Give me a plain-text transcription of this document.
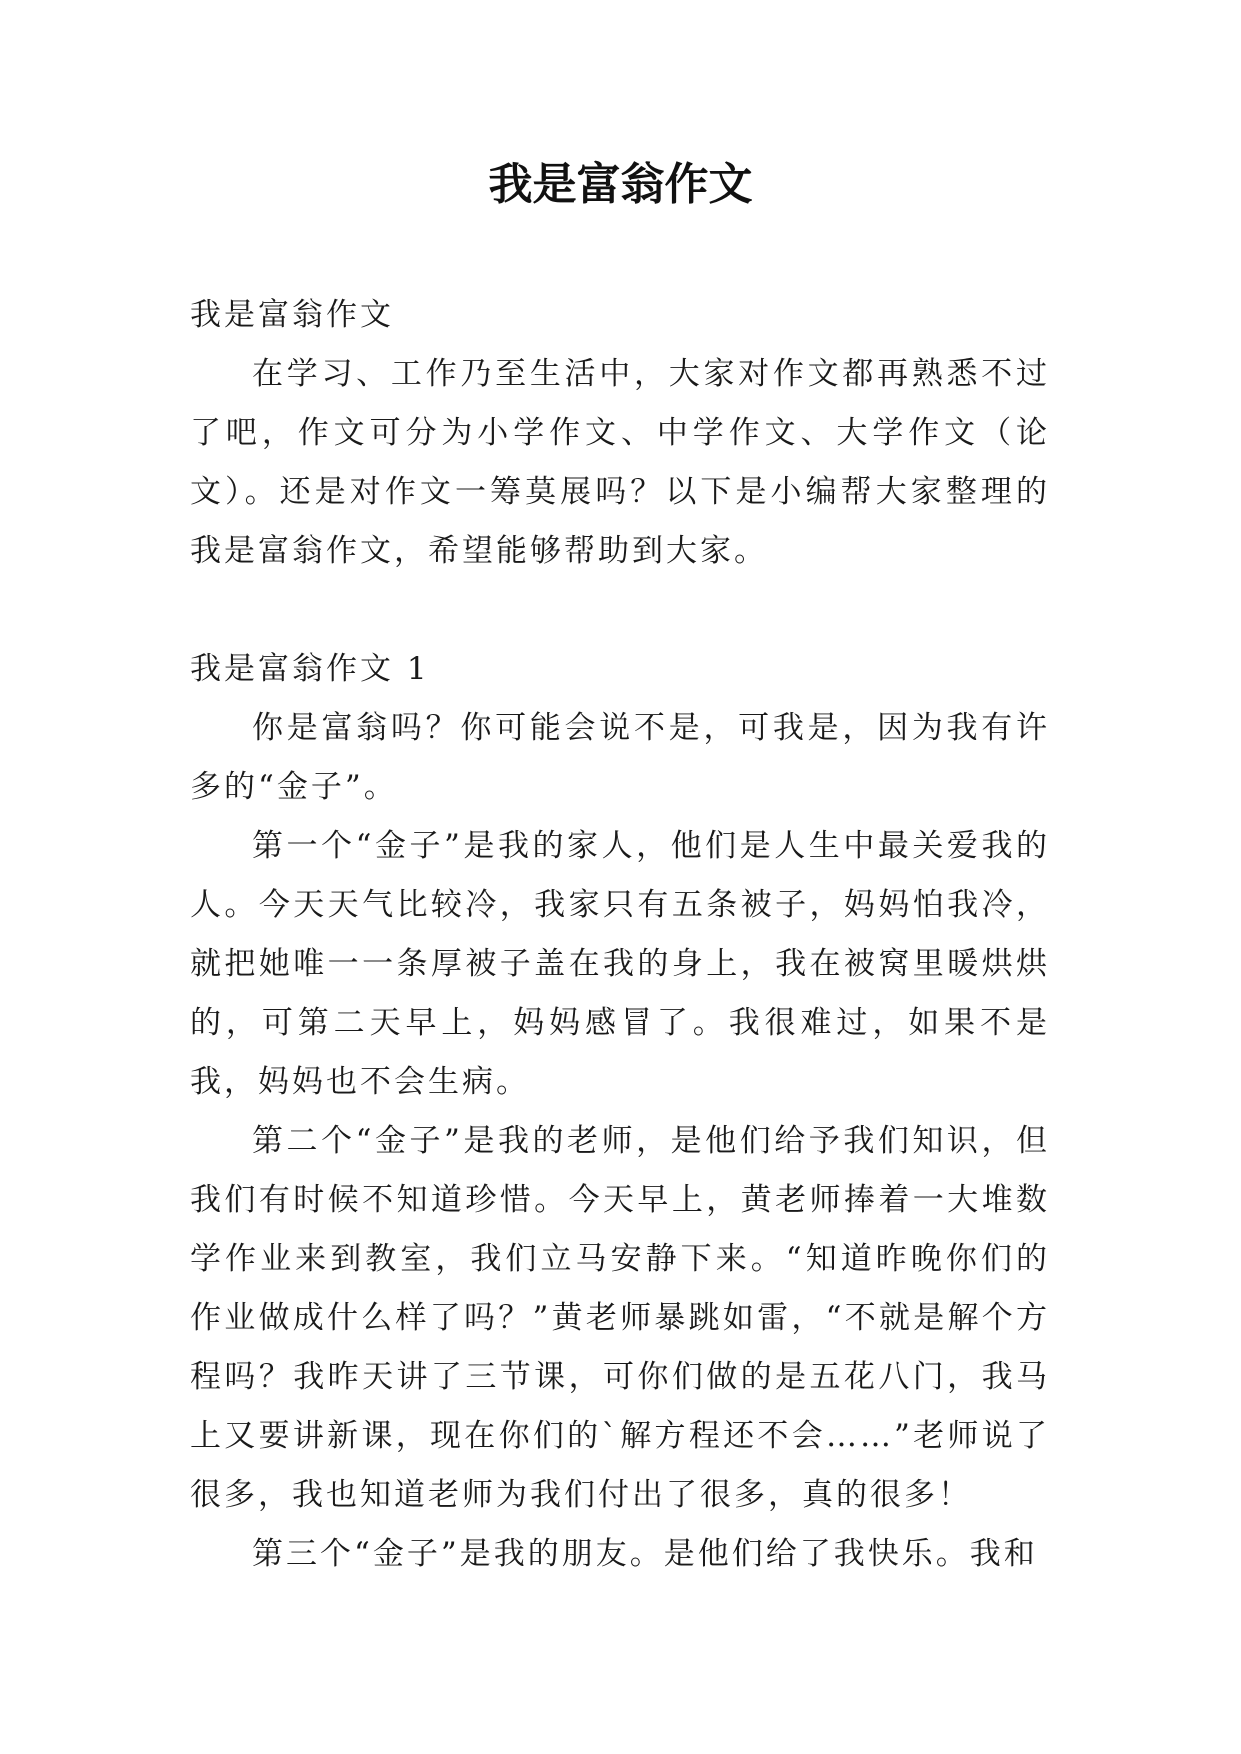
我是富翁作文

我是富翁作文

在学习、工作乃至生活中，大家对作文都再熟悉不过了吧，作文可分为小学作文、中学作文、大学作文（论文）。还是对作文一筹莫展吗？以下是小编帮大家整理的我是富翁作文，希望能够帮助到大家。

我是富翁作文 1

你是富翁吗？你可能会说不是，可我是，因为我有许多的“金子”。

第一个“金子”是我的家人，他们是人生中最关爱我的人。今天天气比较冷，我家只有五条被子，妈妈怕我冷，就把她唯一一条厚被子盖在我的身上，我在被窝里暖烘烘的，可第二天早上，妈妈感冒了。我很难过，如果不是我，妈妈也不会生病。

第二个“金子”是我的老师，是他们给予我们知识，但我们有时候不知道珍惜。今天早上，黄老师捧着一大堆数学作业来到教室，我们立马安静下来。“知道昨晚你们的作业做成什么样了吗？”黄老师暴跳如雷，“不就是解个方程吗？我昨天讲了三节课，可你们做的是五花八门，我马上又要讲新课，现在你们的`解方程还不会……”老师说了很多，我也知道老师为我们付出了很多，真的很多！

第三个“金子”是我的朋友。是他们给了我快乐。我和
